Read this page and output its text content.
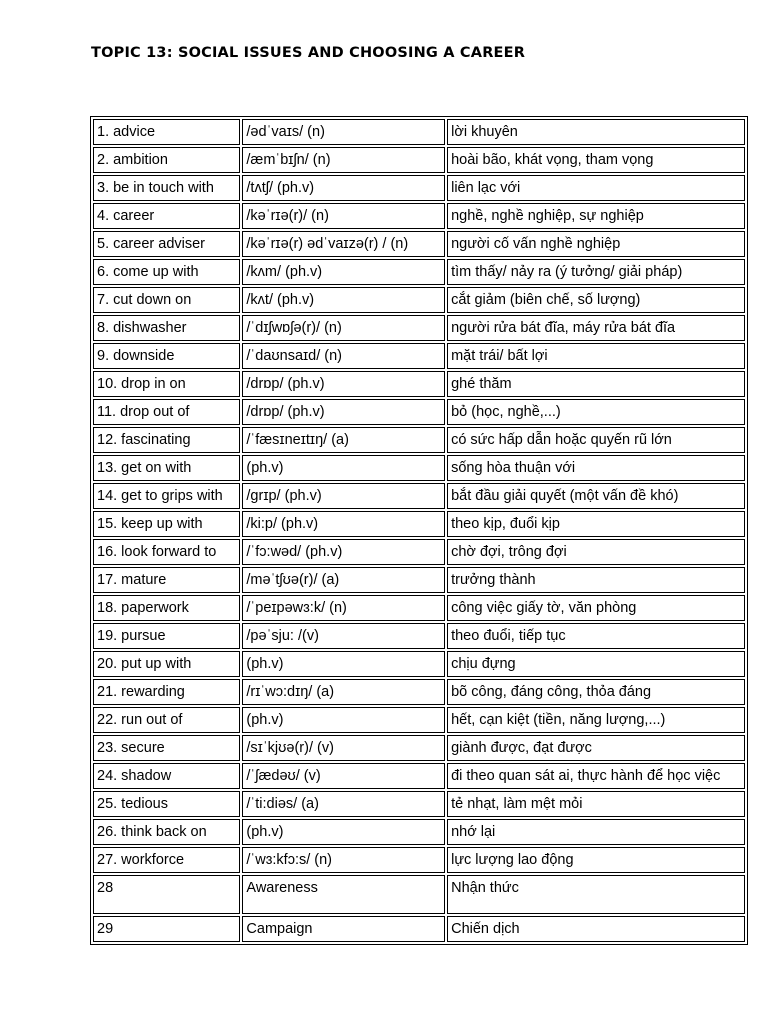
TOPIC 13: SOCIAL ISSUES AND CHOOSING A CAREER
1. advice	/ədˈvaɪs/ (n)	lời khuyên
2. ambition	/æmˈbɪʃn/ (n)	hoài bão, khát vọng, tham vọng
3. be in touch with	/tʌtʃ/ (ph.v)	liên lạc với
4. career	/kəˈrɪə(r)/ (n)	nghề, nghề nghiệp, sự nghiệp
5. career adviser	/kəˈrɪə(r) ədˈvaɪzə(r) / (n)	người cố vấn nghề nghiệp
6. come up with	/kʌm/ (ph.v)	tìm thấy/ nảy ra (ý tưởng/ giải pháp)
7. cut down on	/kʌt/ (ph.v)	cắt giảm (biên chế, số lượng)
8. dishwasher	/ˈdɪʃwɒʃə(r)/ (n)	người rửa bát đĩa, máy rửa bát đĩa
9. downside	/ˈdaʊnsaɪd/ (n)	mặt trái/ bất lợi
10. drop in on	/drɒp/ (ph.v)	ghé thăm
11. drop out of	/drɒp/ (ph.v)	bỏ (học, nghề,...)
12. fascinating	/ˈfæsɪneɪtɪŋ/ (a)	có sức hấp dẫn hoặc quyến rũ lớn
13. get on with	(ph.v)	sống hòa thuận với
14. get to grips with	/grɪp/ (ph.v)	bắt đầu giải quyết (một vấn đề khó)
15. keep up with	/ki:p/ (ph.v)	theo kịp, đuổi kịp
16. look forward to	/ˈfɔ:wəd/ (ph.v)	chờ đợi, trông đợi
17. mature	/məˈtʃʊə(r)/ (a)	trưởng thành
18. paperwork	/ˈpeɪpəwɜ:k/ (n)	công việc giấy tờ, văn phòng
19. pursue	/pəˈsju: /(v)	theo đuổi, tiếp tục
20. put up with	(ph.v)	chịu đựng
21. rewarding	/rɪˈwɔ:dɪŋ/ (a)	bõ công, đáng công, thỏa đáng
22. run out of	(ph.v)	hết, cạn kiệt (tiền, năng lượng,...)
23. secure	/sɪˈkjʊə(r)/ (v)	giành được, đạt được
24. shadow	/ˈʃædəʊ/ (v)	đi theo quan sát ai, thực hành để học việc
25. tedious	/ˈti:diəs/ (a)	tẻ nhạt, làm mệt mỏi
26. think back on	(ph.v)	nhớ lại
27. workforce	/ˈwɜ:kfɔ:s/ (n)	lực lượng lao động
28	Awareness	Nhận thức
29	Campaign	Chiến dịch
